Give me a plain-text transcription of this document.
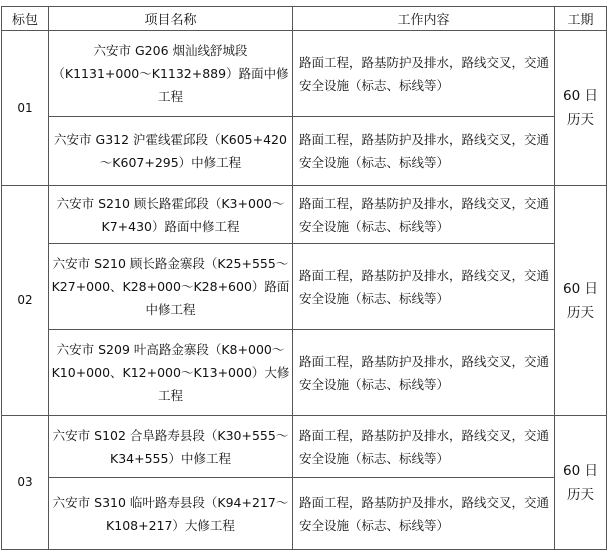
标包	项目名称	工作内容	工期
01	六安市 G206 烟汕线舒城段（K1131+000～K1132+889）路面中修工程	路面工程，路基防护及排水，路线交叉，交通安全设施（标志、标线等）	60 日历天
	六安市 G312 沪霍线霍邱段（K605+420～K607+295）中修工程	路面工程，路基防护及排水，路线交叉，交通安全设施（标志、标线等）	
02	六安市 S210 顾长路霍邱段（K3+000～K7+430）路面中修工程	路面工程，路基防护及排水，路线交叉，交通安全设施（标志、标线等）	60 日历天
	六安市 S210 顾长路金寨段（K25+555～K27+000、K28+000～K28+600）路面中修工程	路面工程，路基防护及排水，路线交叉，交通安全设施（标志、标线等）	
	六安市 S209 叶高路金寨段（K8+000～K10+000、K12+000～K13+000）大修工程	路面工程，路基防护及排水，路线交叉，交通安全设施（标志、标线等）	
03	六安市 S102 合阜路寿县段（K30+555～K34+555）中修工程	路面工程，路基防护及排水，路线交叉，交通安全设施（标志、标线等）	60 日历天
	六安市 S310 临叶路寿县段（K94+217～K108+217）大修工程	路面工程，路基防护及排水，路线交叉，交通安全设施（标志、标线等）	
